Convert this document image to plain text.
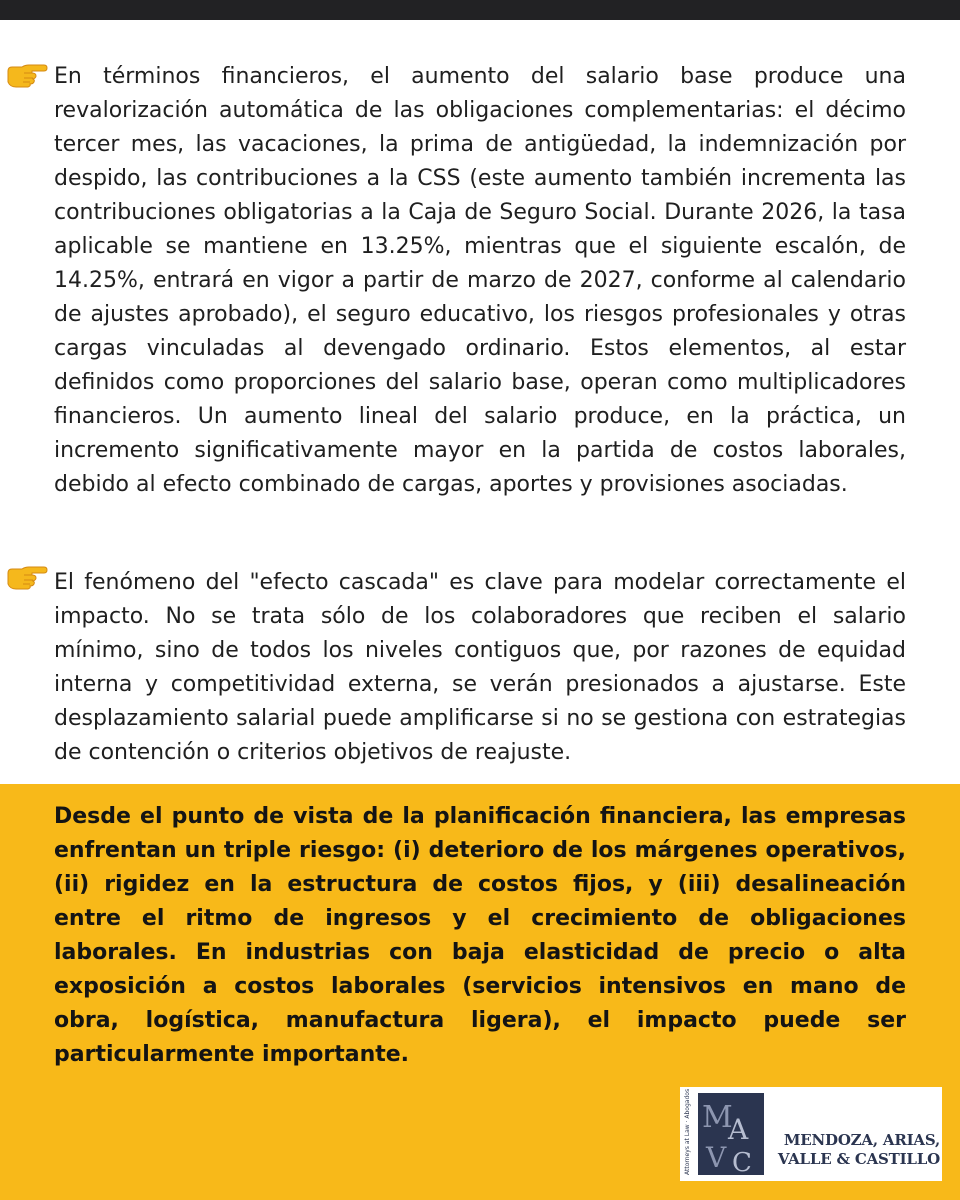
En términos financieros, el aumento del salario base produce una revalorización automática de las obligaciones complementarias: el décimo tercer mes, las vacaciones, la prima de antigüedad, la indemnización por despido, las contribuciones a la CSS (este aumento también incrementa las contribuciones obligatorias a la Caja de Seguro Social. Durante 2026, la tasa aplicable se mantiene en 13.25%, mientras que el siguiente escalón, de 14.25%, entrará en vigor a partir de marzo de 2027, conforme al calendario de ajustes aprobado), el seguro educativo, los riesgos profesionales y otras cargas vinculadas al devengado ordinario. Estos elementos, al estar definidos como proporciones del salario base, operan como multiplicadores financieros. Un aumento lineal del salario produce, en la práctica, un incremento significativamente mayor en la partida de costos laborales, debido al efecto combinado de cargas, aportes y provisiones asociadas.

El fenómeno del "efecto cascada" es clave para modelar correctamente el impacto. No se trata sólo de los colaboradores que reciben el salario mínimo, sino de todos los niveles contiguos que, por razones de equidad interna y competitividad externa, se verán presionados a ajustarse. Este desplazamiento salarial puede amplificarse si no se gestiona con estrategias de contención o criterios objetivos de reajuste.

Desde el punto de vista de la planificación financiera, las empresas enfrentan un triple riesgo: (i) deterioro de los márgenes operativos, (ii) rigidez en la estructura de costos fijos, y (iii) desalineación entre el ritmo de ingresos y el crecimiento de obligaciones laborales. En industrias con baja elasticidad de precio o alta exposición a costos laborales (servicios intensivos en mano de obra, logística, manufactura ligera), el impacto puede ser particularmente importante.

Attorneys at Law · Abogados M
A
V C
MENDOZA, ARIAS,
VALLE & CASTILLO
